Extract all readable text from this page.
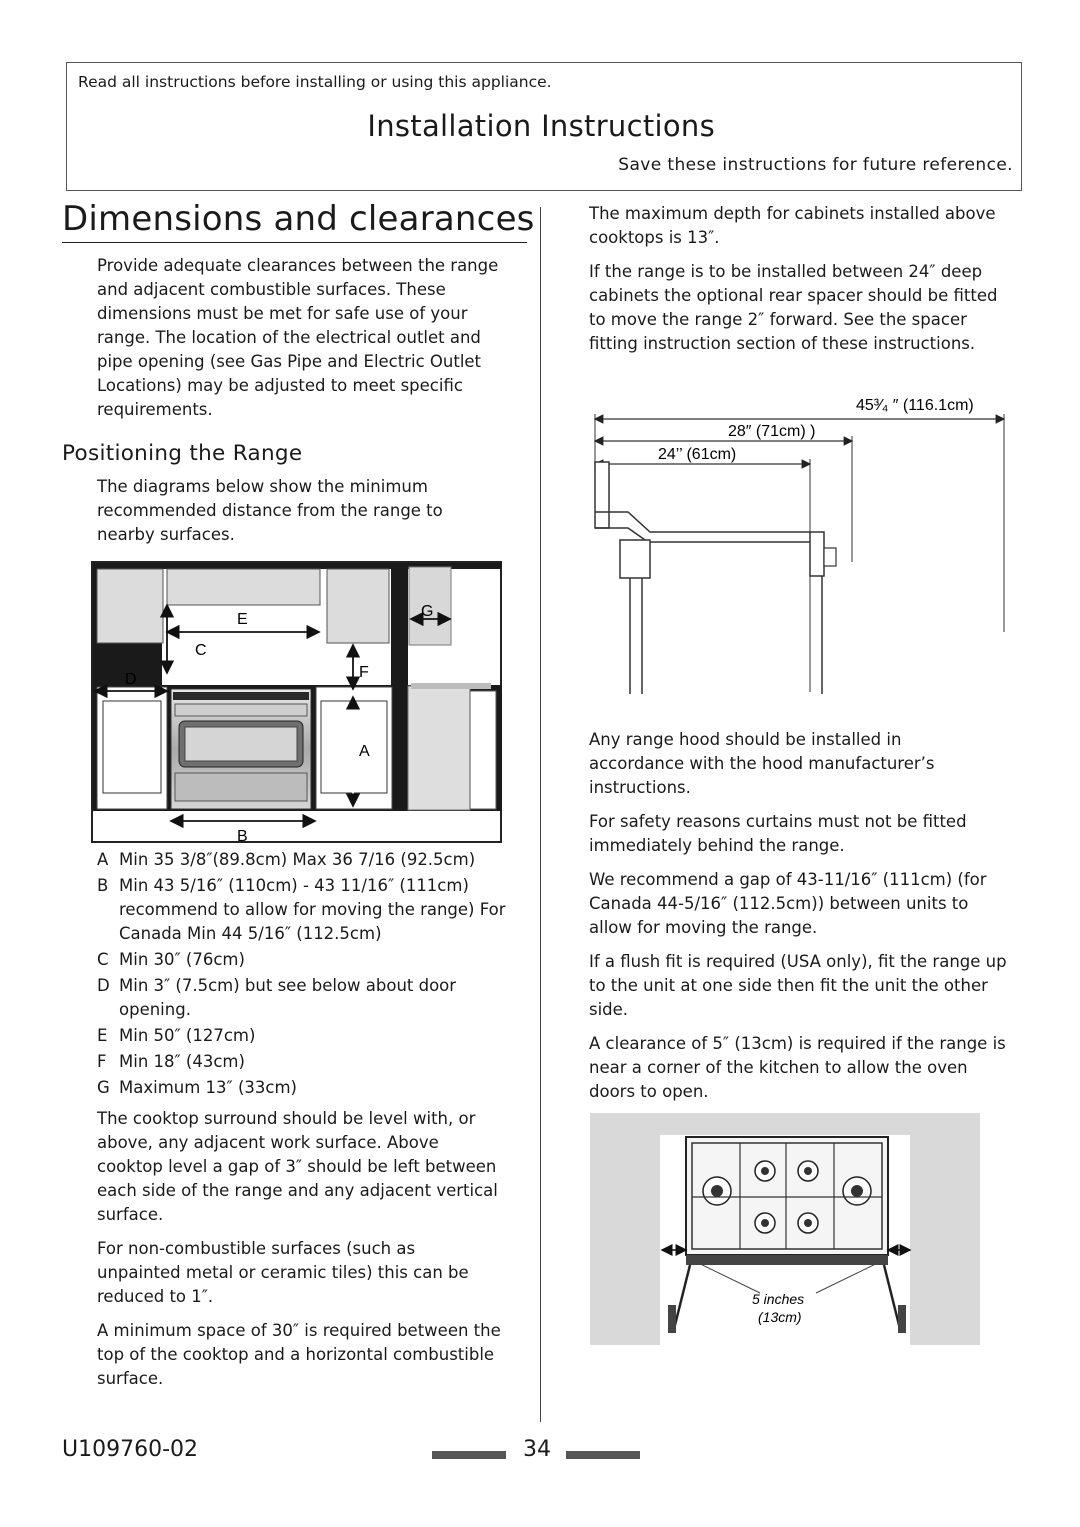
Read all instructions before installing or using this appliance.

Installation Instructions

Save these instructions for future reference.

Dimensions and clearances

Provide adequate clearances between the range and adjacent combustible surfaces. These dimensions must be met for safe use of your range. The location of the electrical outlet and pipe opening (see Gas Pipe and Electric Outlet Locations) may be adjusted to meet specific requirements.

Positioning the Range

The diagrams below show the minimum recommended distance from the range to nearby surfaces.

E
C
D	F
A
G
B
A Min 35 3/8″(89.8cm) Max 36 7/16 (92.5cm)
B Min 43 5/16″ (110cm) - 43 11/16″ (111cm) recommend to allow for moving the range) For Canada Min 44 5/16″ (112.5cm)
C Min 30″ (76cm)
D Min 3″ (7.5cm) but see below about door opening.
E Min 50″ (127cm)
F Min 18″ (43cm)
G Maximum 13″ (33cm)

The cooktop surround should be level with, or above, any adjacent work surface. Above cooktop level a gap of 3″ should be left between each side of the range and any adjacent vertical surface.

For non-combustible surfaces (such as unpainted metal or ceramic tiles) this can be reduced to 1″.

A minimum space of 30″ is required between the top of the cooktop and a horizontal combustible surface.

The maximum depth for cabinets installed above cooktops is 13″.

If the range is to be installed between 24″ deep cabinets the optional rear spacer should be fitted to move the range 2″ forward. See the spacer fitting instruction section of these instructions.

45³⁄₄ ″ (116.1cm)
28″ (71cm) )
24’’ (61cm)

Any range hood should be installed in accordance with the hood manufacturer’s instructions.

For safety reasons curtains must not be fitted immediately behind the range.

We recommend a gap of 43-11/16″ (111cm) (for Canada 44-5/16″ (112.5cm)) between units to allow for moving the range.

If a flush fit is required (USA only), fit the range up to the unit at one side then fit the unit the other side.

A clearance of 5″ (13cm) is required if the range is near a corner of the kitchen to allow the oven doors to open.

5 inches
(13cm)

U109760-02	34
